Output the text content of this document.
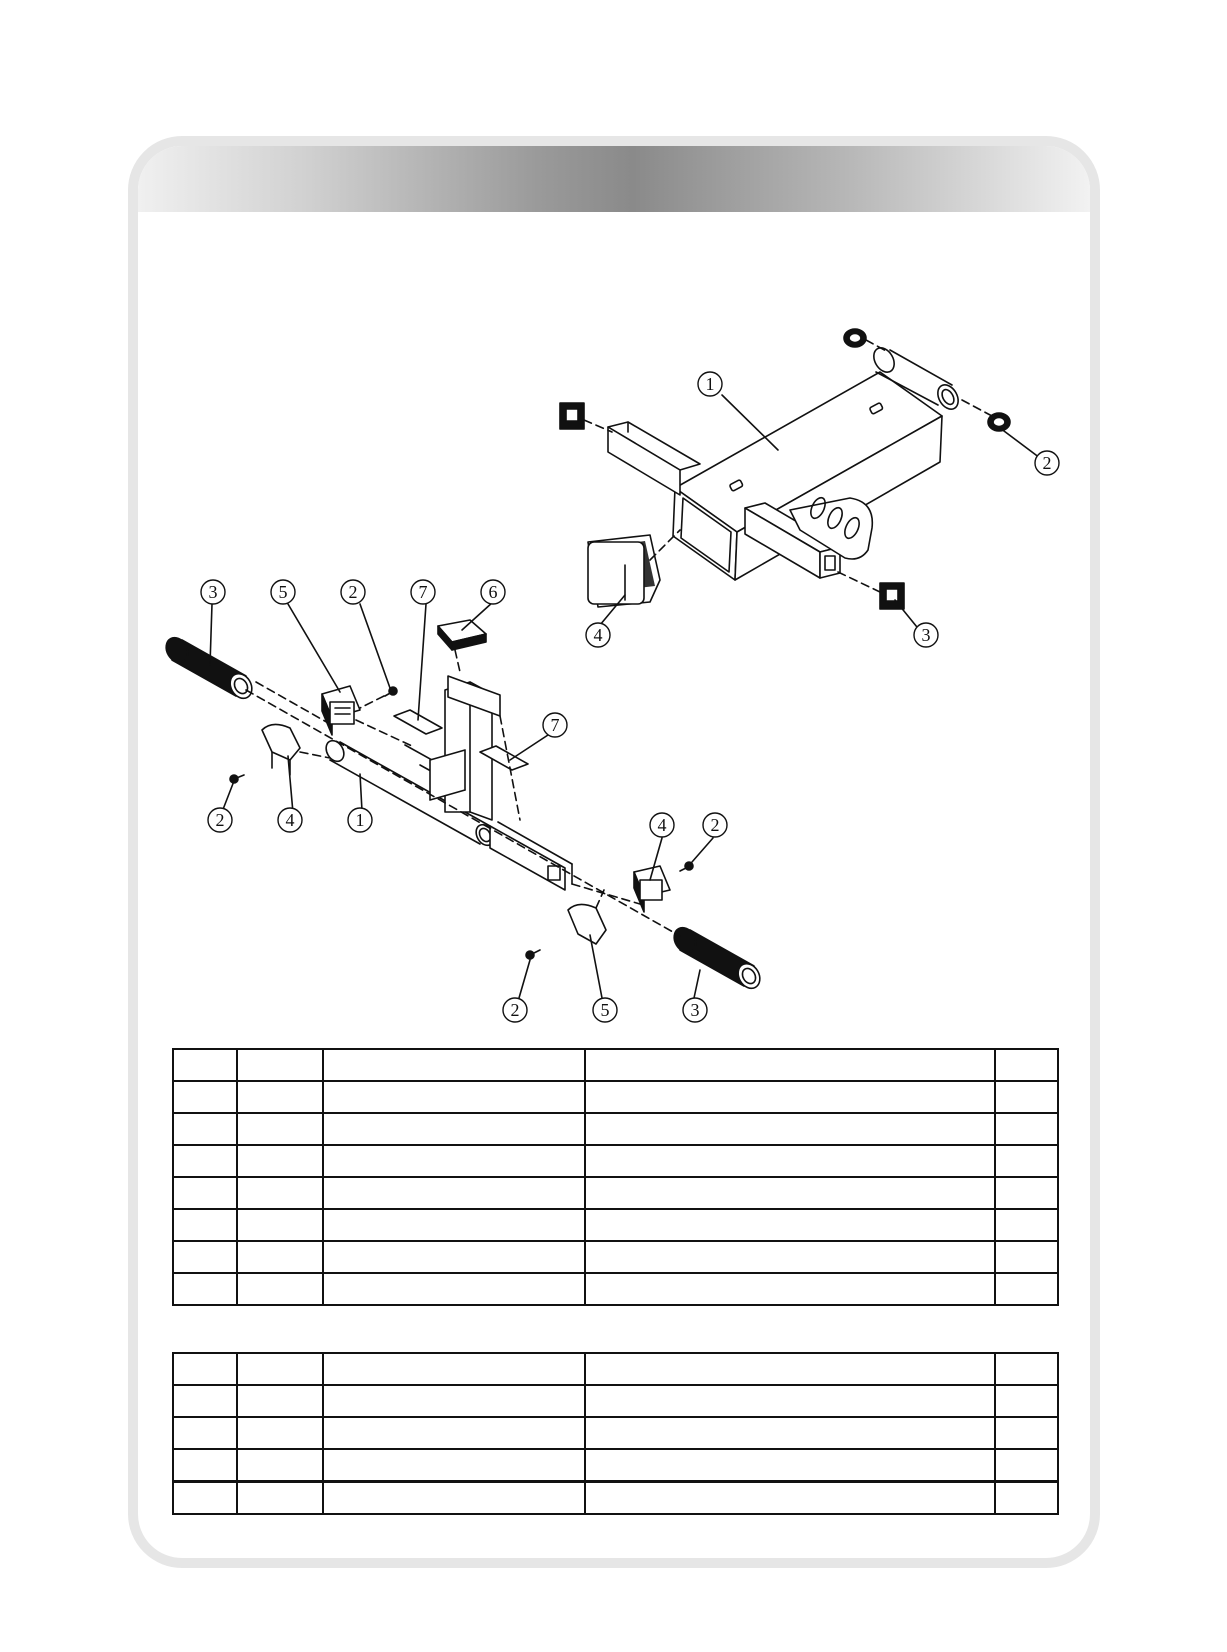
1
2
3
4
3	5	2	7	6
7
2	4	1	4 2
2	5	3
